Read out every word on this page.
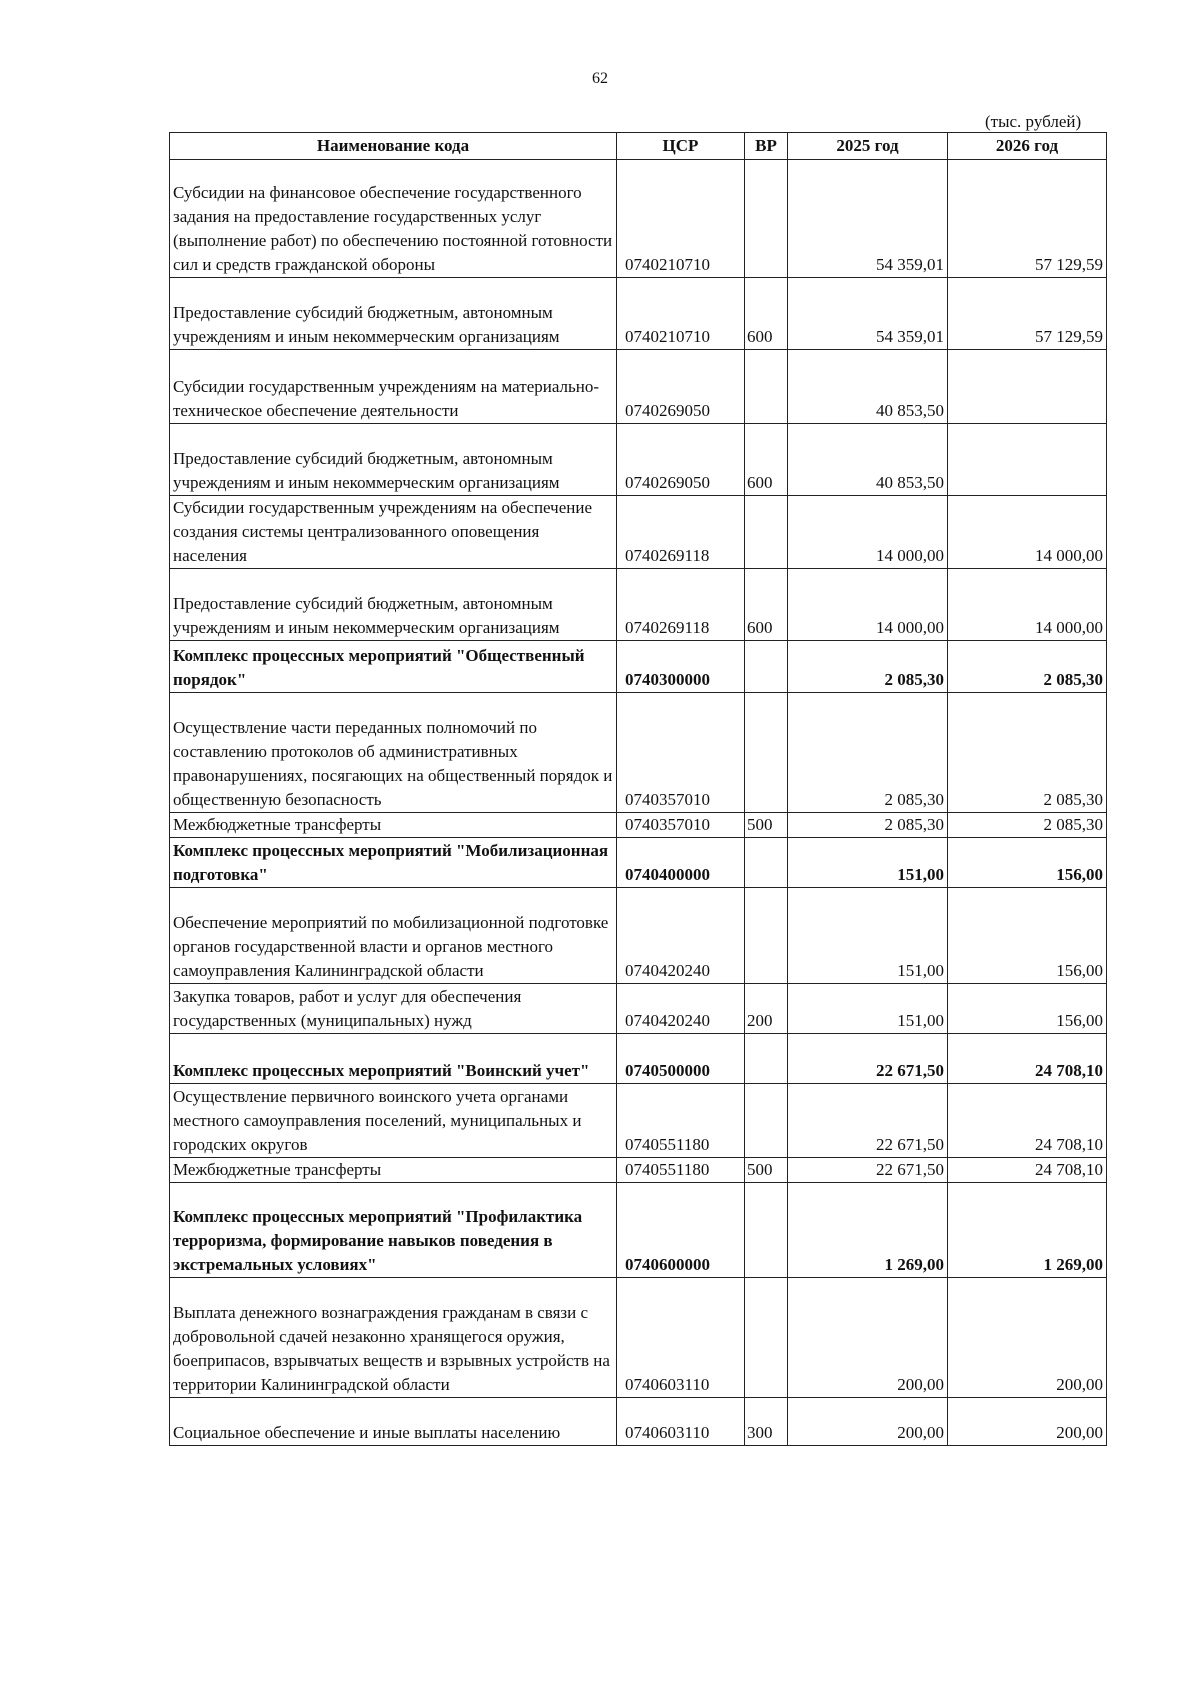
62
(тыс. рублей)
Наименование кода	ЦСР	ВР	2025 год	2026 год
Субсидии на финансовое обеспечение государственного задания на предоставление государственных услуг (выполнение работ) по обеспечению постоянной готовности сил и средств гражданской обороны	0740210710		54 359,01	57 129,59
Предоставление субсидий бюджетным, автономным учреждениям и иным некоммерческим организациям	0740210710	600	54 359,01	57 129,59
Субсидии государственным учреждениям на материально-техническое обеспечение деятельности	0740269050		40 853,50	
Предоставление субсидий бюджетным, автономным учреждениям и иным некоммерческим организациям	0740269050	600	40 853,50	
Субсидии государственным учреждениям на обеспечение создания системы централизованного оповещения населения	0740269118		14 000,00	14 000,00
Предоставление субсидий бюджетным, автономным учреждениям и иным некоммерческим организациям	0740269118	600	14 000,00	14 000,00
Комплекс процессных мероприятий "Общественный порядок"	0740300000		2 085,30	2 085,30
Осуществление части переданных полномочий по составлению протоколов об административных правонарушениях, посягающих на общественный порядок и общественную безопасность	0740357010		2 085,30	2 085,30
Межбюджетные трансферты	0740357010	500	2 085,30	2 085,30
Комплекс процессных мероприятий "Мобилизационная подготовка"	0740400000		151,00	156,00
Обеспечение мероприятий по мобилизационной подготовке органов государственной власти и органов местного самоуправления Калининградской области	0740420240		151,00	156,00
Закупка товаров, работ и услуг для обеспечения государственных (муниципальных) нужд	0740420240	200	151,00	156,00
Комплекс процессных мероприятий "Воинский учет"	0740500000		22 671,50	24 708,10
Осуществление первичного воинского учета органами местного самоуправления поселений, муниципальных и городских округов	0740551180		22 671,50	24 708,10
Межбюджетные трансферты	0740551180	500	22 671,50	24 708,10
Комплекс процессных мероприятий "Профилактика терроризма, формирование навыков поведения в экстремальных условиях"	0740600000		1 269,00	1 269,00
Выплата денежного вознаграждения гражданам в связи с добровольной сдачей незаконно хранящегося оружия, боеприпасов, взрывчатых веществ и взрывных устройств на территории Калининградской области	0740603110		200,00	200,00
Социальное обеспечение и иные выплаты населению	0740603110	300	200,00	200,00
